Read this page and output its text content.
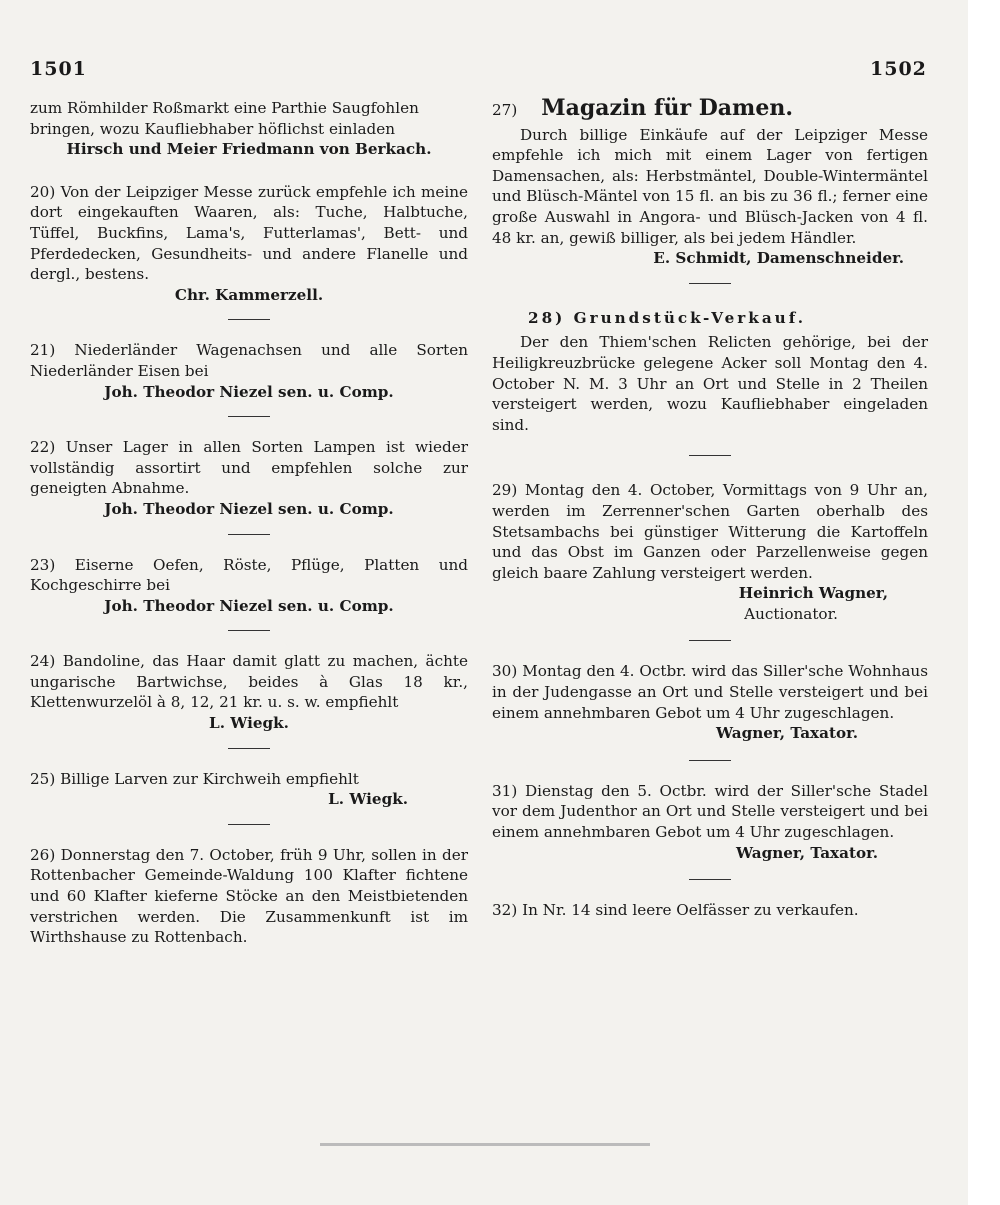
1501	1502

zum Römhilder Roßmarkt eine Parthie Saugfohlen

bringen, wozu Kaufliebhaber höflichst einladen

Hirsch und Meier Friedmann von Berkach.

20) Von der Leipziger Messe zurück empfehle ich meine dort eingekauften Waaren, als: Tuche, Halbtuche, Tüffel, Buckfins, Lama's, Futterlamas', Bett- und Pferdedecken, Gesundheits- und andere Flanelle und dergl., bestens.

Chr. Kammerzell.

21) Niederländer Wagenachsen und alle Sorten Niederländer Eisen bei

Joh. Theodor Niezel sen. u. Comp.

22) Unser Lager in allen Sorten Lampen ist wieder vollständig assortirt und empfehlen solche zur geneigten Abnahme.

Joh. Theodor Niezel sen. u. Comp.

23) Eiserne Oefen, Röste, Pflüge, Platten und Kochgeschirre bei

Joh. Theodor Niezel sen. u. Comp.

24) Bandoline, das Haar damit glatt zu machen, ächte ungarische Bartwichse, beides à Glas 18 kr., Klettenwurzelöl à 8, 12, 21 kr. u. s. w. empfiehlt

L. Wiegk.

25) Billige Larven zur Kirchweih empfiehlt

L. Wiegk.

26) Donnerstag den 7. October, früh 9 Uhr, sollen in der Rottenbacher Gemeinde-Waldung 100 Klafter fichtene und 60 Klafter kieferne Stöcke an den Meistbietenden verstrichen werden. Die Zusammenkunft ist im Wirthshause zu Rottenbach.

27) Magazin für Damen.

Durch billige Einkäufe auf der Leipziger Messe empfehle ich mich mit einem Lager von fertigen Damensachen, als: Herbstmäntel, Double-Wintermäntel und Blüsch-Mäntel von 15 fl. an bis zu 36 fl.; ferner eine große Auswahl in Angora- und Blüsch-Jacken von 4 fl. 48 kr. an, gewiß billiger, als bei jedem Händler.

E. Schmidt, Damenschneider.
28) Grundstück-Verkauf.

Der den Thiem'schen Relicten gehörige, bei der Heiligkreuzbrücke gelegene Acker soll Montag den 4. October N. M. 3 Uhr an Ort und Stelle in 2 Theilen versteigert werden, wozu Kaufliebhaber eingeladen sind.

29) Montag den 4. October, Vormittags von 9 Uhr an, werden im Zerrenner'schen Garten oberhalb des Stetsambachs bei günstiger Witterung die Kartoffeln und das Obst im Ganzen oder Parzellenweise gegen gleich baare Zahlung versteigert werden.

Heinrich Wagner,
Auctionator.

30) Montag den 4. Octbr. wird das Siller'sche Wohnhaus in der Judengasse an Ort und Stelle versteigert und bei einem annehmbaren Gebot um 4 Uhr zugeschlagen.

Wagner, Taxator.

31) Dienstag den 5. Octbr. wird der Siller'sche Stadel vor dem Judenthor an Ort und Stelle versteigert und bei einem annehmbaren Gebot um 4 Uhr zugeschlagen.

Wagner, Taxator.

32) In Nr. 14 sind leere Oelfässer zu verkaufen.
